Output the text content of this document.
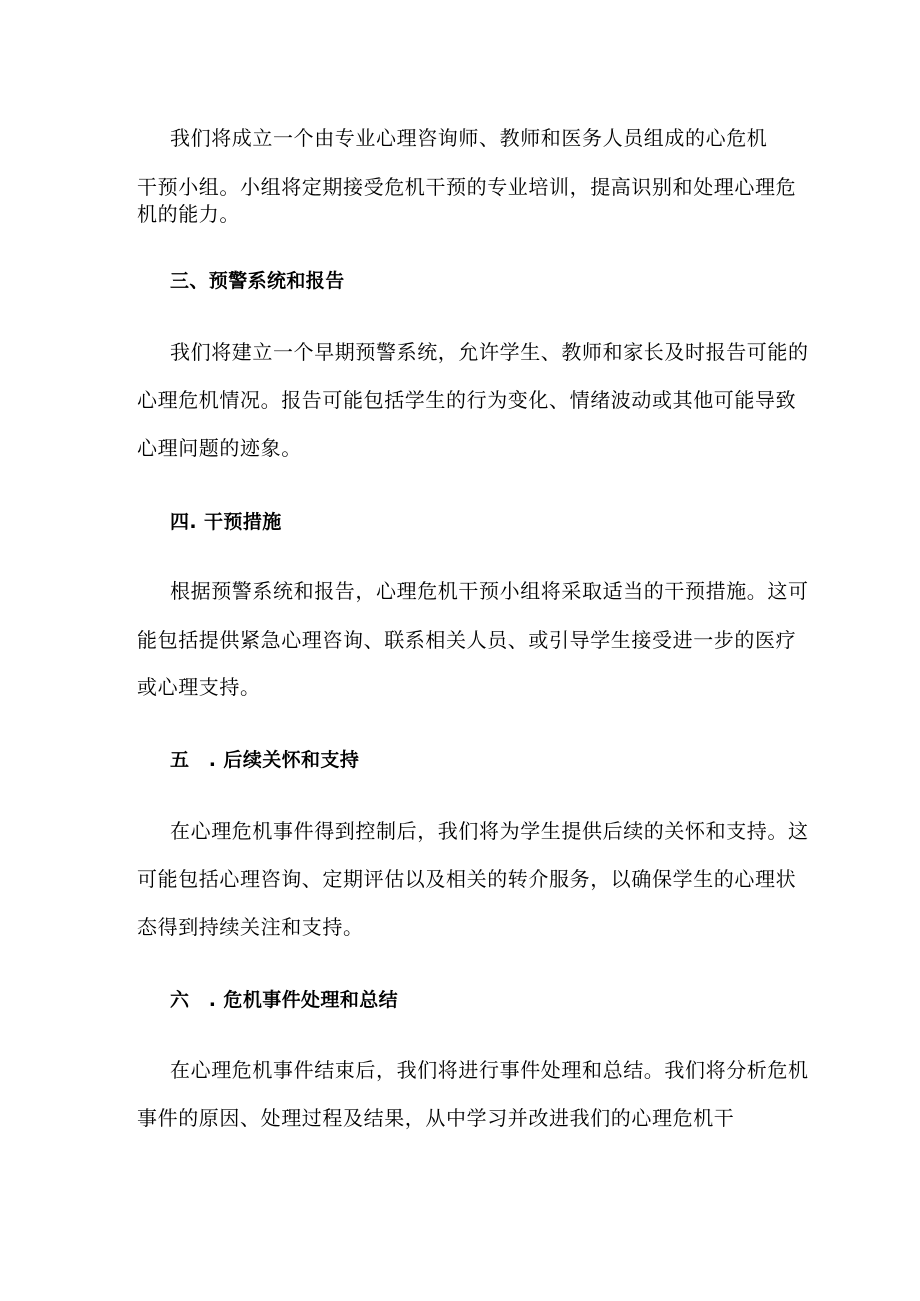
我们将成立一个由专业心理咨询师、教师和医务人员组成的心危机
干预小组。小组将定期接受危机干预的专业培训，提高识别和处理心理危
机的能力。
三、预警系统和报告
我们将建立一个早期预警系统，允许学生、教师和家长及时报告可能的
心理危机情况。报告可能包括学生的行为变化、情绪波动或其他可能导致
心理问题的迹象。
四. 干预措施
根据预警系统和报告，心理危机干预小组将采取适当的干预措施。这可
能包括提供紧急心理咨询、联系相关人员、或引导学生接受进一步的医疗
或心理支持。
五　. 后续关怀和支持
在心理危机事件得到控制后，我们将为学生提供后续的关怀和支持。这
可能包括心理咨询、定期评估以及相关的转介服务，以确保学生的心理状
态得到持续关注和支持。
六　. 危机事件处理和总结
在心理危机事件结束后，我们将进行事件处理和总结。我们将分析危机
事件的原因、处理过程及结果，从中学习并改进我们的心理危机干
